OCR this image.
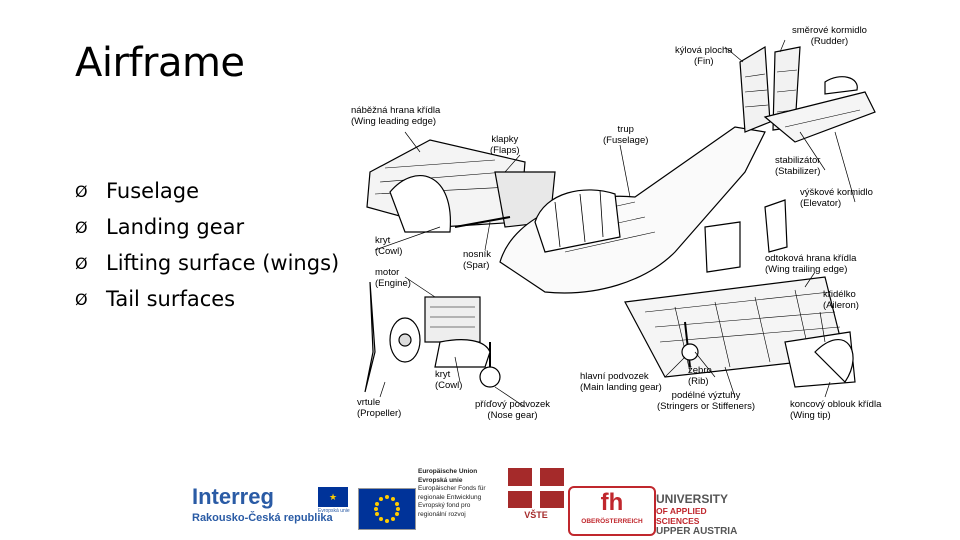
Airframe
Ø Fuselage
Ø Landing gear
Ø Lifting surface (wings)
Ø Tail surfaces
směrové kormidlo
(Rudder)
kýlová plocha
(Fin)
náběžná hrana křídla
(Wing leading edge)
trup
(Fuselage)
klapky
(Flaps)
stabilizátor
(Stabilizer)
výškové kormidlo
(Elevator)
kryt
(Cowl)	nosník
(Spar)
odtoková hrana křídla
(Wing trailing edge)
motor
(Engine)
křidélko
(Aileron)
kryt
(Cowl)
hlavní podvozek
(Main landing gear)
žebro
(Rib)
podélné výztuhy
(Stringers or Stiffeners)	koncový oblouk křídla
(Wing tip)
vrtule
(Propeller)
příďový podvozek
(Nose gear)
Interreg	★
Rakousko-Česká republika
Evropská unie
Europäische Union
Evropská unie
Europäischer Fonds für
regionale Entwicklung
Evropský fond pro
regionální rozvoj	VŠTE	fh
OBERÖSTERREICH
UNIVERSITY
OF APPLIED SCIENCES
UPPER AUSTRIA
